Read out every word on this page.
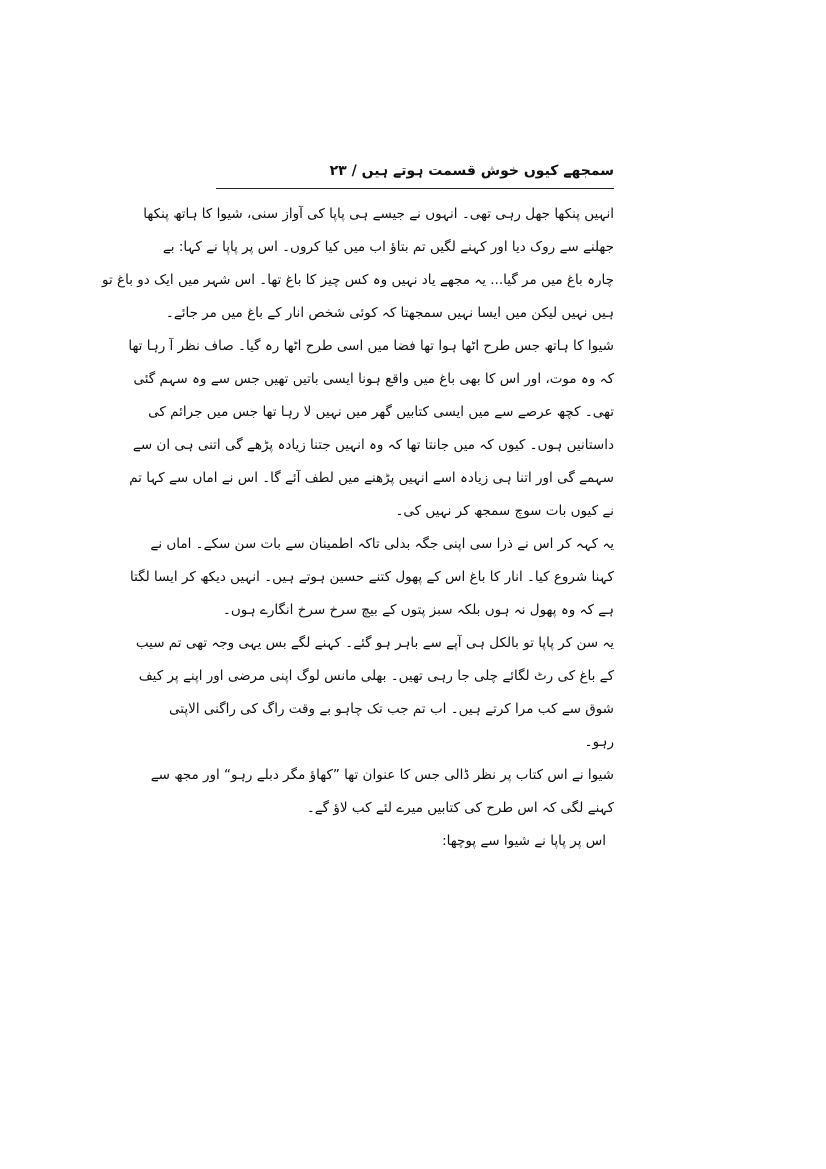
سمجھے کیوں خوش قسمت ہوتے ہیں / ۲۳
انہیں پنکھا جھل رہی تھی۔ انہوں نے جیسے ہی پاپا کی آواز سنی، شیوا کا ہاتھ پنکھا
جھلنے سے روک دیا اور کہنے لگیں تم بتاؤ اب میں کیا کروں۔ اس پر پاپا نے کہا: بے
چارہ باغ میں مر گیا... یہ مجھے یاد نہیں وہ کس چیز کا باغ تھا۔ اس شہر میں ایک دو باغ تو
ہیں نہیں لیکن میں ایسا نہیں سمجھتا کہ کوئی شخص انار کے باغ میں مر جائے۔
شیوا کا ہاتھ جس طرح اٹھا ہوا تھا فضا میں اسی طرح اٹھا رہ گیا۔ صاف نظر آ رہا تھا
کہ وہ موت، اور اس کا بھی باغ میں واقع ہونا ایسی باتیں تھیں جس سے وہ سہم گئی
تھی۔ کچھ عرصے سے میں ایسی کتابیں گھر میں نہیں لا رہا تھا جس میں جرائم کی
داستانیں ہوں۔ کیوں کہ میں جانتا تھا کہ وہ انہیں جتنا زیادہ پڑھے گی اتنی ہی ان سے
سہمے گی اور اتنا ہی زیادہ اسے انہیں پڑھنے میں لطف آئے گا۔ اس نے اماں سے کہا تم
نے کیوں بات سوچ سمجھ کر نہیں کی۔
یہ کہہ کر اس نے ذرا سی اپنی جگہ بدلی تاکہ اطمینان سے بات سن سکے۔ اماں نے
کہنا شروع کیا۔ انار کا باغ اس کے پھول کتنے حسین ہوتے ہیں۔ انہیں دیکھ کر ایسا لگتا
ہے کہ وہ پھول نہ ہوں بلکہ سبز پتوں کے بیچ سرخ سرخ انگارے ہوں۔
یہ سن کر پاپا تو بالکل ہی آپے سے باہر ہو گئے۔ کہنے لگے بس یہی وجہ تھی تم سیب
کے باغ کی رٹ لگائے چلی جا رہی تھیں۔ بھلی مانس لوگ اپنی مرضی اور اپنے پر کیف
شوق سے کب مرا کرتے ہیں۔ اب تم جب تک چاہو بے وقت راگ کی راگنی الاپتی
رہو۔
شیوا نے اس کتاب پر نظر ڈالی جس کا عنوان تھا ”کھاؤ مگر دبلے رہو“ اور مجھ سے
کہنے لگی کہ اس طرح کی کتابیں میرے لئے کب لاؤ گے۔
اس پر پاپا نے شیوا سے پوچھا:
